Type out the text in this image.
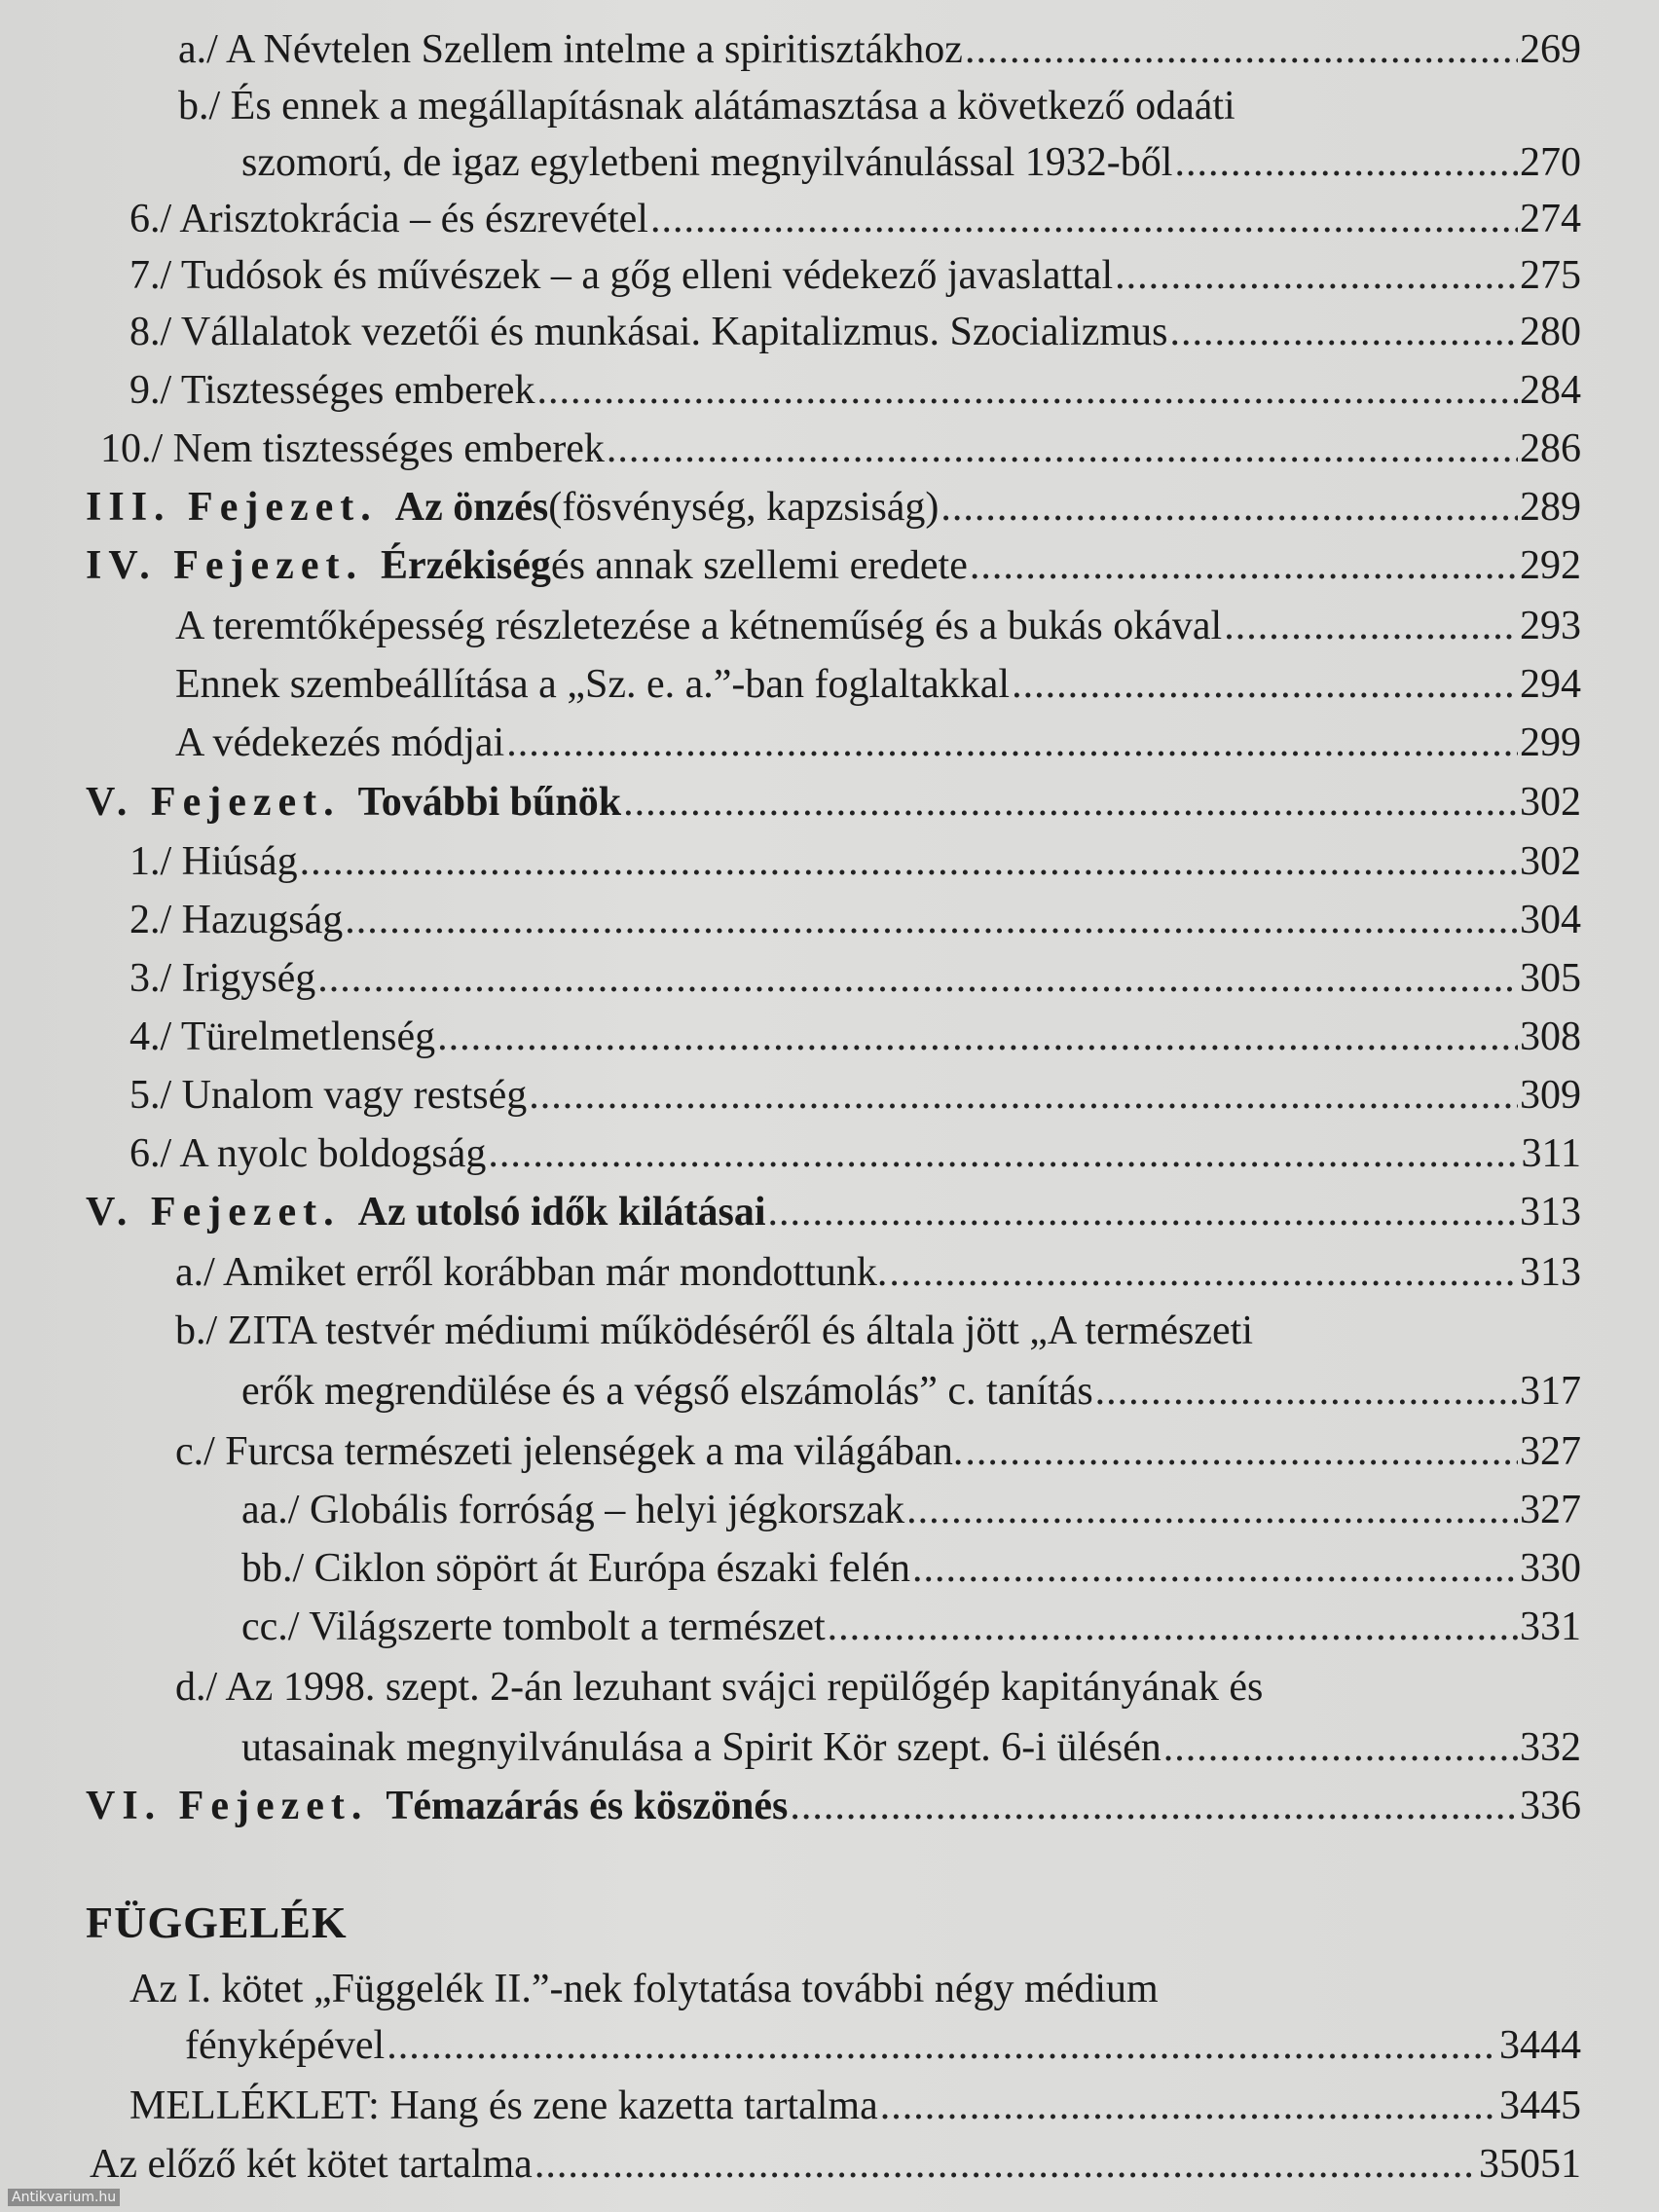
a./ A Névtelen Szellem intelme a spiritisztákhoz .....	269
b./ És ennek a megállapításnak alátámasztása a következő odaáti
szomorú, de igaz egyletbeni megnyilvánulással 1932-ből .....	270
6./ Arisztokrácia – és észrevétel .....	274
7./ Tudósok és művészek – a gőg elleni védekező javaslattal .....	275
8./ Vállalatok vezetői és munkásai. Kapitalizmus. Szocializmus .....	280
9./ Tisztességes emberek .....	284
10./ Nem tisztességes emberek .....	286
III. Fejezet. Az önzés (fösvénység, kapzsiság) .....	289
IV. Fejezet. Érzékiség és annak szellemi eredete .....	292
A teremtőképesség részletezése a kétneműség és a bukás okával .....	293
Ennek szembeállítása a „Sz. e. a.”-ban foglaltakkal .....	294
A védekezés módjai .....	299
V. Fejezet. További bűnök .....	302
1./ Hiúság .....	302
2./ Hazugság .....	304
3./ Irigység .....	305
4./ Türelmetlenség .....	308
5./ Unalom vagy restség .....	309
6./ A nyolc boldogság .....	311
V. Fejezet. Az utolsó idők kilátásai .....	313
a./ Amiket erről korábban már mondottunk. .....	313
b./ ZITA testvér médiumi működéséről és általa jött „A természeti
erők megrendülése és a végső elszámolás” c. tanítás .....	317
c./ Furcsa természeti jelenségek a ma világában. .....	327
aa./ Globális forróság – helyi jégkorszak .....	327
bb./ Ciklon söpört át Európa északi felén .....	330
cc./ Világszerte tombolt a természet .....	331
d./ Az 1998. szept. 2-án lezuhant svájci repülőgép kapitányának és
utasainak megnyilvánulása a Spirit Kör szept. 6-i ülésén .....	332
VI. Fejezet. Témazárás és köszönés .....	336
FÜGGELÉK
Az I. kötet „Függelék II.”-nek folytatása további négy médium
fényképével .....	3444
MELLÉKLET: Hang és zene kazetta tartalma .....	3445
Az előző két kötet tartalma .....	35051
Antikvarium.hu
